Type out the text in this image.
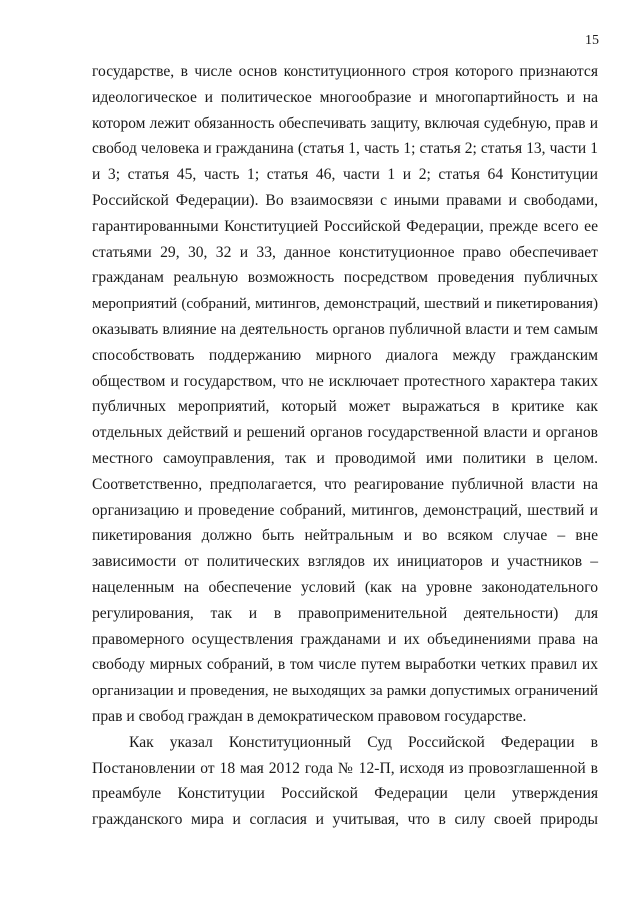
15

государстве, в числе основ конституционного строя которого признаются
идеологическое и политическое многообразие и многопартийность и на
котором лежит обязанность обеспечивать защиту, включая судебную, прав и
свобод человека и гражданина (статья 1, часть 1; статья 2; статья 13, части 1
и 3; статья 45, часть 1; статья 46, части 1 и 2; статья 64 Конституции
Российской Федерации). Во взаимосвязи с иными правами и свободами,
гарантированными Конституцией Российской Федерации, прежде всего ее
статьями 29, 30, 32 и 33, данное конституционное право обеспечивает
гражданам реальную возможность посредством проведения публичных
мероприятий (собраний, митингов, демонстраций, шествий и пикетирования)
оказывать влияние на деятельность органов публичной власти и тем самым
способствовать поддержанию мирного диалога между гражданским
обществом и государством, что не исключает протестного характера таких
публичных мероприятий, который может выражаться в критике как
отдельных действий и решений органов государственной власти и органов
местного самоуправления, так и проводимой ими политики в целом.
Соответственно, предполагается, что реагирование публичной власти на
организацию и проведение собраний, митингов, демонстраций, шествий и
пикетирования должно быть нейтральным и во всяком случае – вне
зависимости от политических взглядов их инициаторов и участников –
нацеленным на обеспечение условий (как на уровне законодательного
регулирования, так и в правоприменительной деятельности) для
правомерного осуществления гражданами и их объединениями права на
свободу мирных собраний, в том числе путем выработки четких правил их
организации и проведения, не выходящих за рамки допустимых ограничений
прав и свобод граждан в демократическом правовом государстве.

Как указал Конституционный Суд Российской Федерации в
Постановлении от 18 мая 2012 года № 12-П, исходя из провозглашенной в
преамбуле Конституции Российской Федерации цели утверждения
гражданского мира и согласия и учитывая, что в силу своей природы
